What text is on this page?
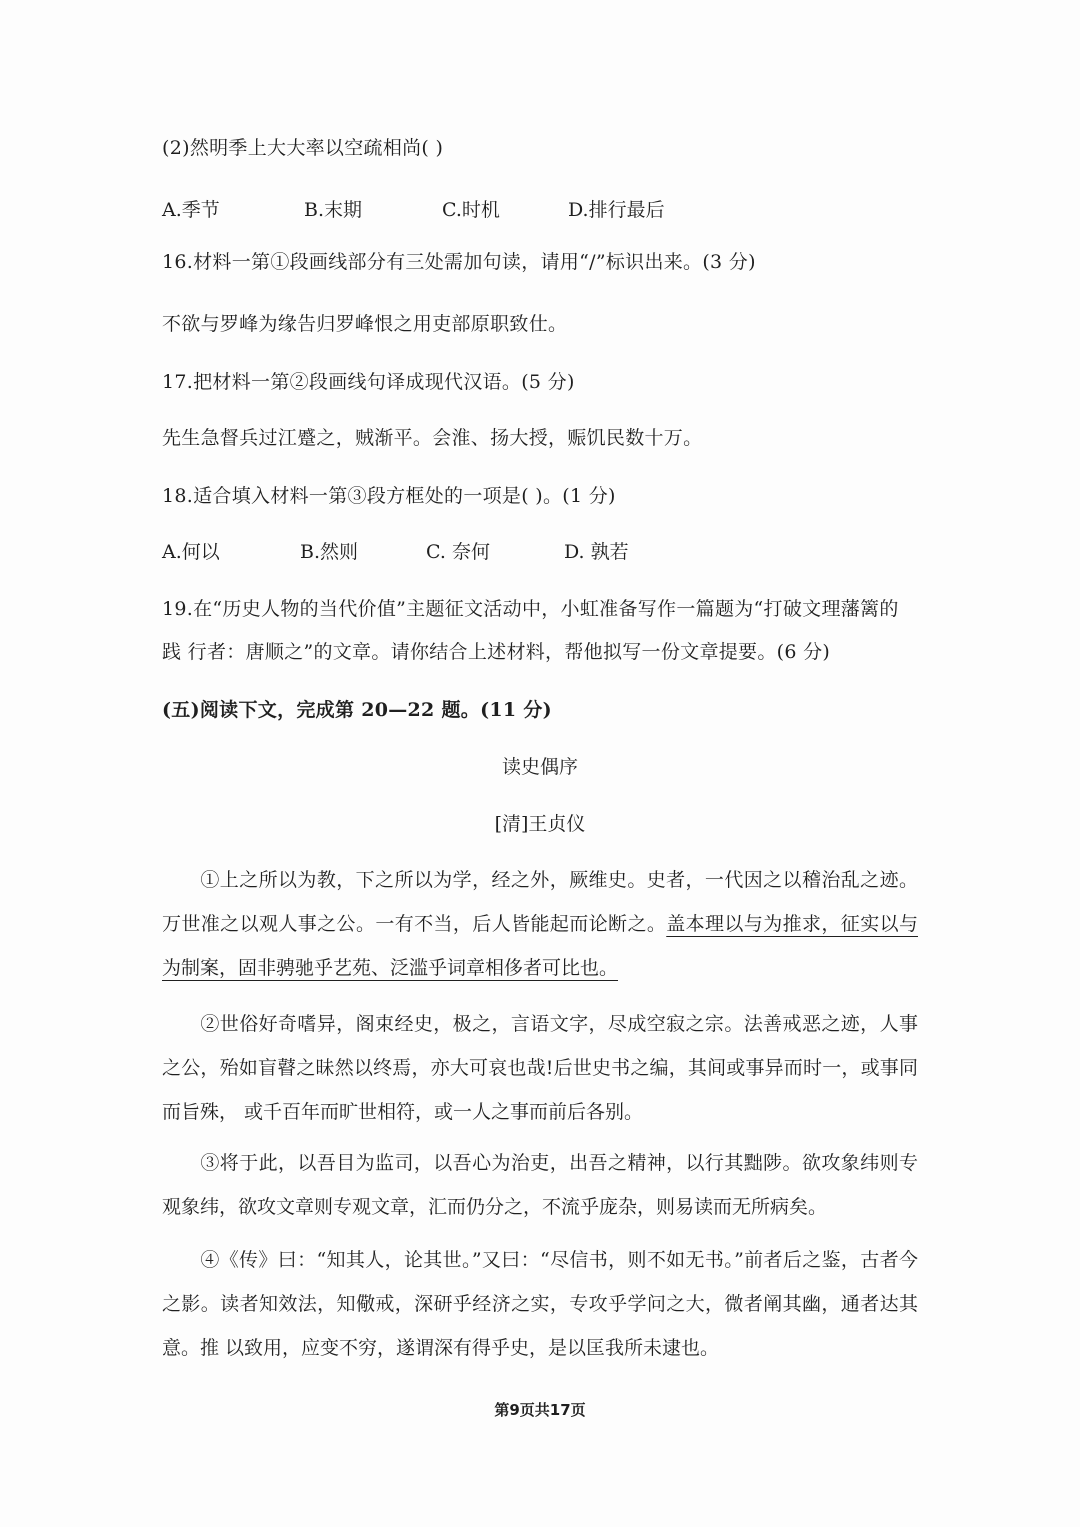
(2)然明季上大大率以空疏相尚( )
A.季节	B.末期	C.时机	D.排行最后
16.材料一第①段画线部分有三处需加句读，请用“/”标识出来。(3 分)
不欲与罗峰为缘告归罗峰恨之用吏部原职致仕。
17.把材料一第②段画线句译成现代汉语。(5 分)
先生急督兵过江蹙之，贼渐平。会淮、扬大授，赈饥民数十万。
18.适合填入材料一第③段方框处的一项是( )。(1 分)
A.何以	B.然则	C. 奈何	D. 孰若
19.在“历史人物的当代价值”主题征文活动中，小虹准备写作一篇题为“打破文理藩篱的
践 行者：唐顺之”的文章。请你结合上述材料，帮他拟写一份文章提要。(6 分)
(五)阅读下文，完成第 20—22 题。(11 分)
读史偶序
[清]王贞仪
①上之所以为教，下之所以为学，经之外，厥维史。史者，一代因之以稽治乱之迹。万世准之以观人事之公。一有不当，后人皆能起而论断之。盖本理以与为推求，征实以与为制案，固非骋驰乎艺苑、泛滥乎词章相侈者可比也。
②世俗好奇嗜异，阁束经史，极之，言语文字，尽成空寂之宗。法善戒恶之迹，人事之公，殆如盲瞽之昧然以终焉，亦大可哀也哉!后世史书之编，其间或事异而时一，或事同而旨殊， 或千百年而旷世相符，或一人之事而前后各别。
③将于此，以吾目为监司，以吾心为治吏，出吾之精神，以行其黜陟。欲攻象纬则专观象纬，欲攻文章则专观文章，汇而仍分之，不流乎庞杂，则易读而无所病矣。
④《传》曰：“知其人，论其世。”又曰：“尽信书，则不如无书。”前者后之鉴，古者今之影。读者知效法，知儆戒，深研乎经济之实，专攻乎学问之大，微者阐其幽，通者达其意。推 以致用，应变不穷，遂谓深有得乎史，是以匡我所未逮也。
第9页共17页
